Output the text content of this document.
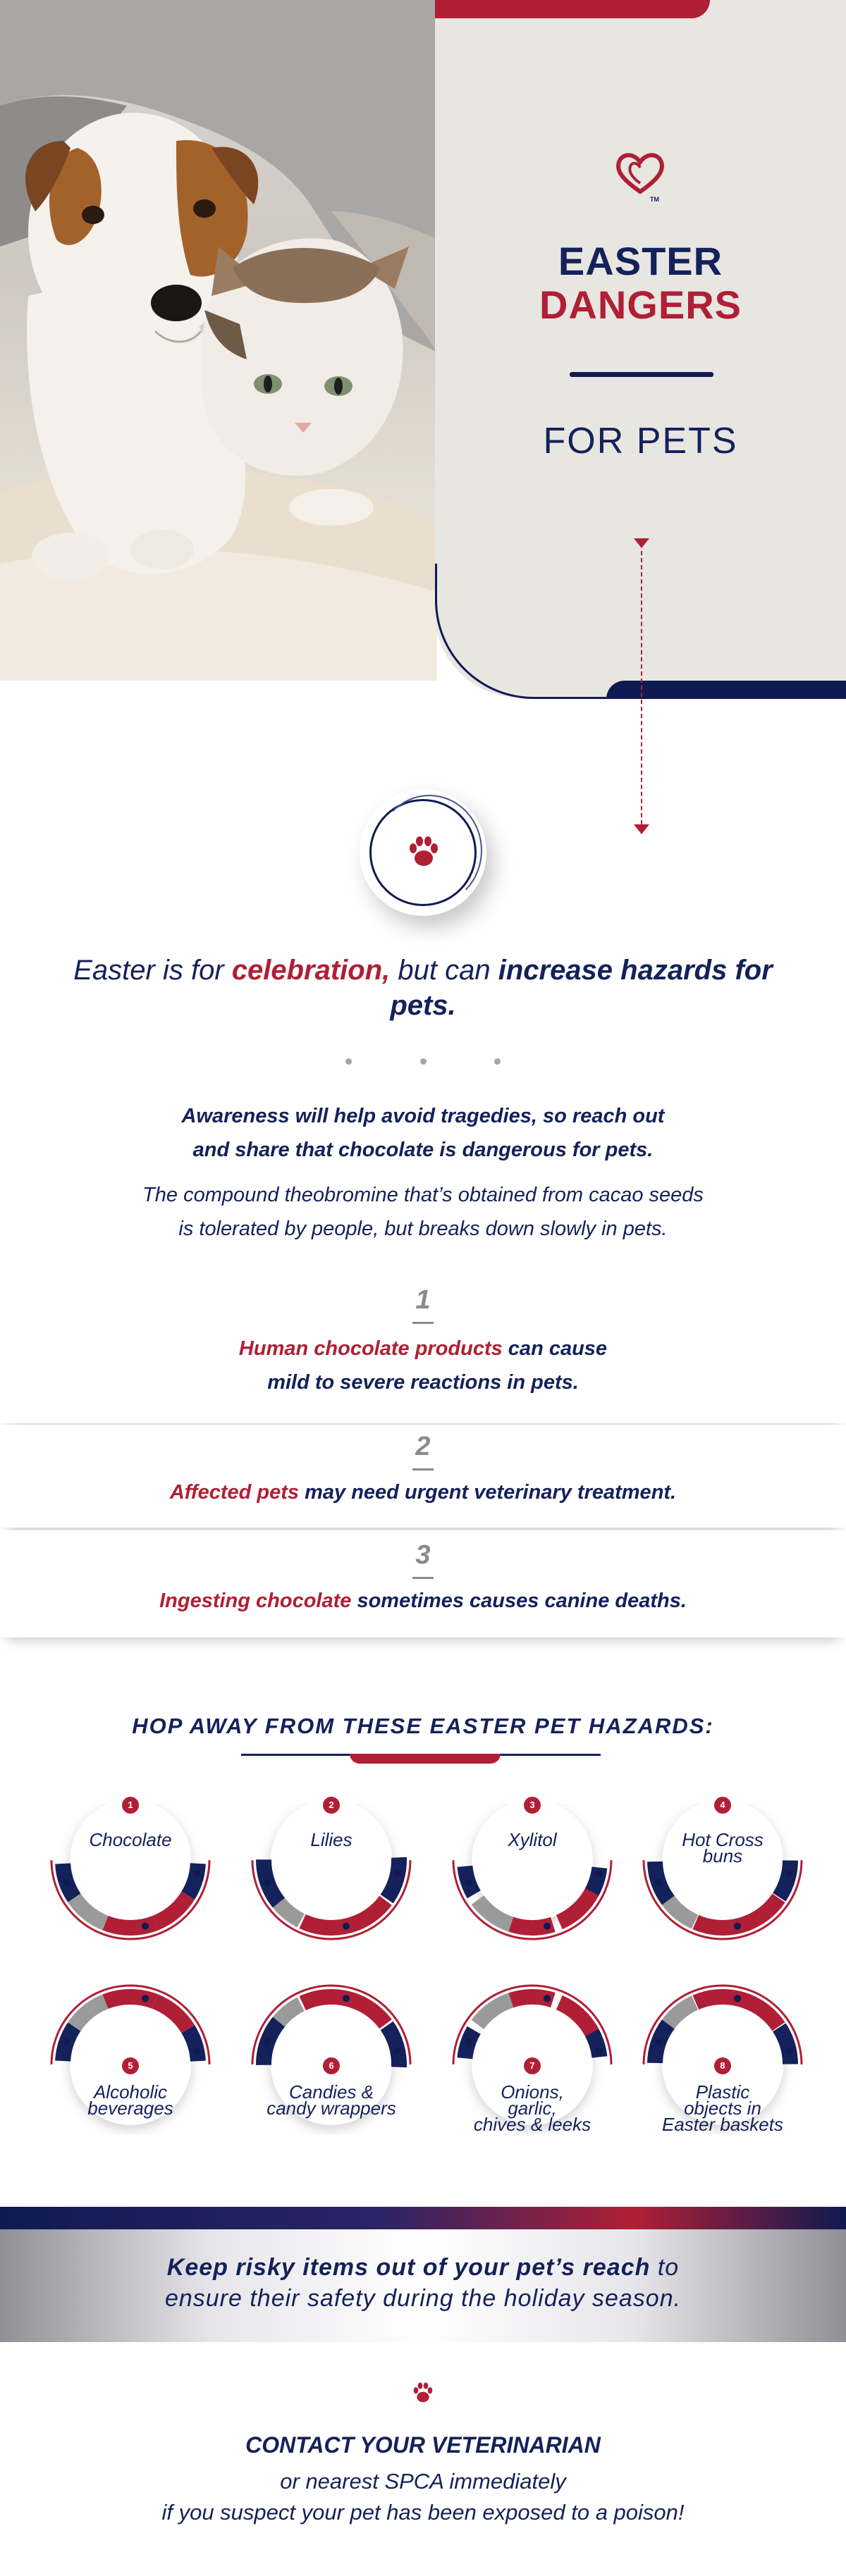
TM
EASTER
DANGERS
FOR PETS
Easter is for celebration, but can increase hazards for pets.
Awareness will help avoid tragedies, so reach out
and share that chocolate is dangerous for pets.
The compound theobromine that’s obtained from cacao seeds
is tolerated by people, but breaks down slowly in pets.
1
Human chocolate products can cause
mild to severe reactions in pets.
2
Affected pets may need urgent veterinary treatment.
3
Ingesting chocolate sometimes causes canine deaths.
HOP AWAY FROM THESE EASTER PET HAZARDS:
1
Chocolate
2
Lilies
3
Xylitol
4
Hot Cross
buns
5
Alcoholic
beverages
6
Candies &
candy wrappers
7
Onions,
garlic,
chives & leeks
8
Plastic
objects in
Easter baskets
Keep risky items out of your pet’s reach to
ensure their safety during the holiday season.
CONTACT YOUR VETERINARIAN
or nearest SPCA immediately
if you suspect your pet has been exposed to a poison!
